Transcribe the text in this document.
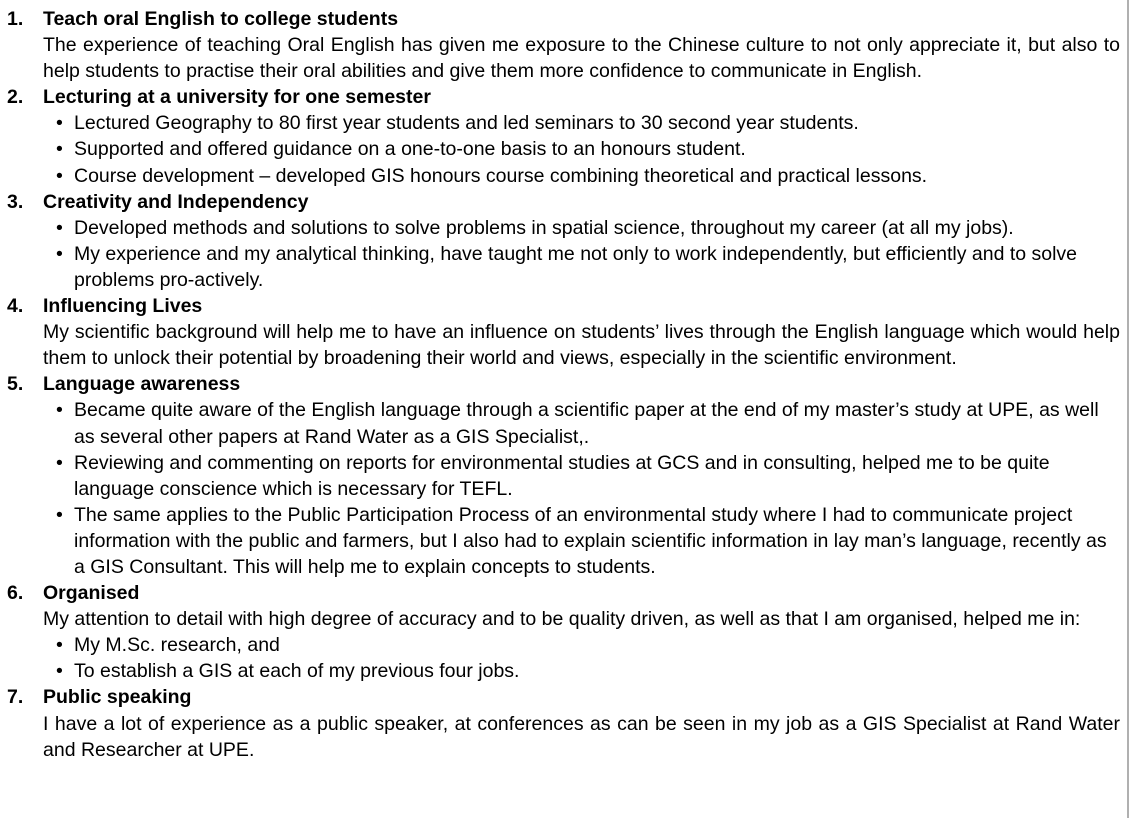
1.	Teach oral English to college students

The experience of teaching Oral English has given me exposure to the Chinese culture to not only appreciate it, but also to help students to practise their oral abilities and give them more confidence to communicate in English.

2.	Lecturing at a university for one semester
• Lectured Geography to 80 first year students and led seminars to 30 second year students.
• Supported and offered guidance on a one-to-one basis to an honours student.
• Course development – developed GIS honours course combining theoretical and practical lessons.
3.	Creativity and Independency
• Developed methods and solutions to solve problems in spatial science, throughout my career (at all my jobs).
• My experience and my analytical thinking, have taught me not only to work independently, but efficiently and to solve problems pro-actively.
4.	Influencing Lives

My scientific background will help me to have an influence on students’ lives through the English language which would help them to unlock their potential by broadening their world and views, especially in the scientific environment.

5.	Language awareness
• Became quite aware of the English language through a scientific paper at the end of my master’s study at UPE, as well as several other papers at Rand Water as a GIS Specialist,.
• Reviewing and commenting on reports for environmental studies at GCS and in consulting, helped me to be quite language conscience which is necessary for TEFL.
• The same applies to the Public Participation Process of an environmental study where I had to communicate project information with the public and farmers, but I also had to explain scientific information in lay man’s language, recently as a GIS Consultant. This will help me to explain concepts to students.
6.	Organised

My attention to detail with high degree of accuracy and to be quality driven, as well as that I am organised, helped me in:

• My M.Sc. research, and
• To establish a GIS at each of my previous four jobs.
7.	Public speaking

I have a lot of experience as a public speaker, at conferences as can be seen in my job as a GIS Specialist at Rand Water and Researcher at UPE.
